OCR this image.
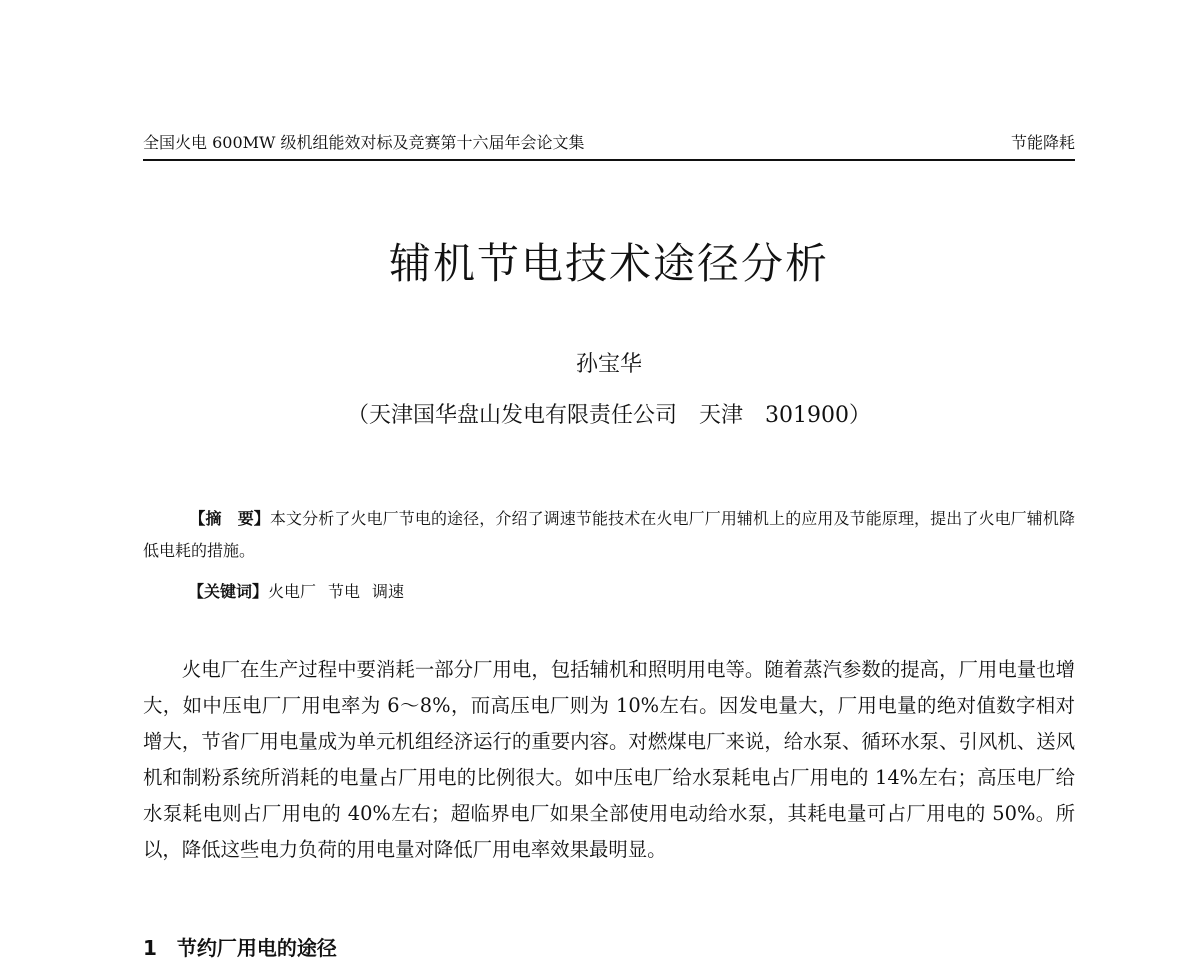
全国火电 600MW 级机组能效对标及竞赛第十六届年会论文集	节能降耗
辅机节电技术途径分析
孙宝华
（天津国华盘山发电有限责任公司　天津　301900）
【摘　要】本文分析了火电厂节电的途径，介绍了调速节能技术在火电厂厂用辅机上的应用及节能原理，提出了火电厂辅机降低电耗的措施。
【关键词】火电厂 节电 调速
火电厂在生产过程中要消耗一部分厂用电，包括辅机和照明用电等。随着蒸汽参数的提高，厂用电量也增大，如中压电厂厂用电率为 6～8%，而高压电厂则为 10%左右。因发电量大，厂用电量的绝对值数字相对增大，节省厂用电量成为单元机组经济运行的重要内容。对燃煤电厂来说，给水泵、循环水泵、引风机、送风机和制粉系统所消耗的电量占厂用电的比例很大。如中压电厂给水泵耗电占厂用电的 14%左右；高压电厂给水泵耗电则占厂用电的 40%左右；超临界电厂如果全部使用电动给水泵，其耗电量可占厂用电的 50%。所以，降低这些电力负荷的用电量对降低厂用电率效果最明显。
1　节约厂用电的途径
